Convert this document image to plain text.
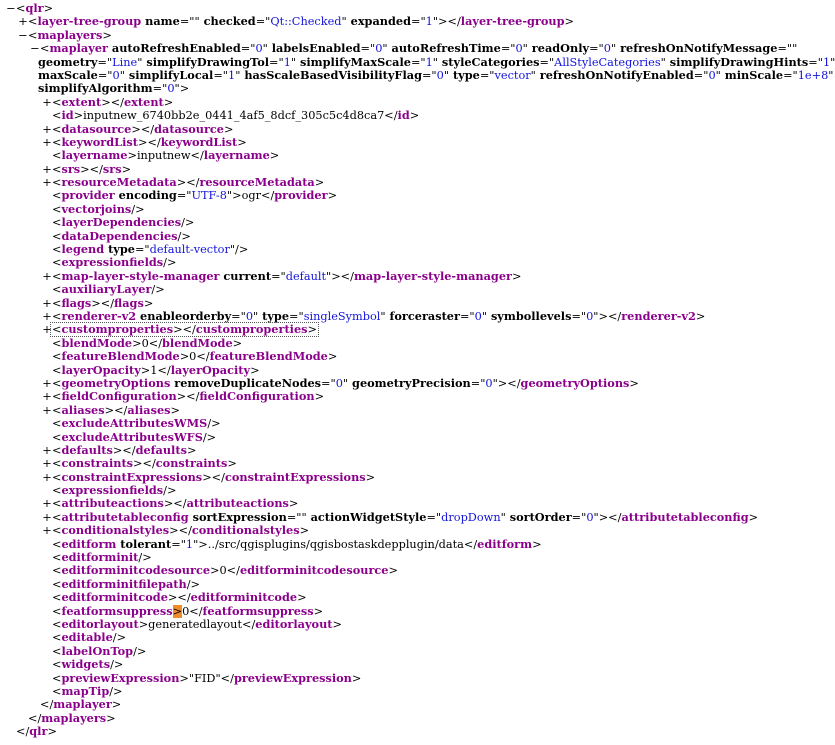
−<qlr>
+<layer-tree-group name="" checked="Qt::Checked" expanded="1"></layer-tree-group>
−<maplayers>
−<maplayer autoRefreshEnabled="0" labelsEnabled="0" autoRefreshTime="0" readOnly="0" refreshOnNotifyMessage=""
geometry="Line" simplifyDrawingTol="1" simplifyMaxScale="1" styleCategories="AllStyleCategories" simplifyDrawingHints="1"
maxScale="0" simplifyLocal="1" hasScaleBasedVisibilityFlag="0" type="vector" refreshOnNotifyEnabled="0" minScale="1e+8"
simplifyAlgorithm="0">
+<extent></extent>
<id>inputnew_6740bb2e_0441_4af5_8dcf_305c5c4d8ca7</id>
+<datasource></datasource>
+<keywordList></keywordList>
<layername>inputnew</layername>
+<srs></srs>
+<resourceMetadata></resourceMetadata>
<provider encoding="UTF-8">ogr</provider>
<vectorjoins/>
<layerDependencies/>
<dataDependencies/>
<legend type="default-vector"/>
<expressionfields/>
+<map-layer-style-manager current="default"></map-layer-style-manager>
<auxiliaryLayer/>
+<flags></flags>
+<renderer-v2 enableorderby="0" type="singleSymbol" forceraster="0" symbollevels="0"></renderer-v2>
+<customproperties></customproperties>
<blendMode>0</blendMode>
<featureBlendMode>0</featureBlendMode>
<layerOpacity>1</layerOpacity>
+<geometryOptions removeDuplicateNodes="0" geometryPrecision="0"></geometryOptions>
+<fieldConfiguration></fieldConfiguration>
+<aliases></aliases>
<excludeAttributesWMS/>
<excludeAttributesWFS/>
+<defaults></defaults>
+<constraints></constraints>
+<constraintExpressions></constraintExpressions>
<expressionfields/>
+<attributeactions></attributeactions>
+<attributetableconfig sortExpression="" actionWidgetStyle="dropDown" sortOrder="0"></attributetableconfig>
+<conditionalstyles></conditionalstyles>
<editform tolerant="1">../src/qgisplugins/qgisbostaskdepplugin/data</editform>
<editforminit/>
<editforminitcodesource>0</editforminitcodesource>
<editforminitfilepath/>
<editforminitcode></editforminitcode>
<featformsuppress>0</featformsuppress>
<editorlayout>generatedlayout</editorlayout>
<editable/>
<labelOnTop/>
<widgets/>
<previewExpression>"FID"</previewExpression>
<mapTip/>
</maplayer>
</maplayers>
</qlr>
